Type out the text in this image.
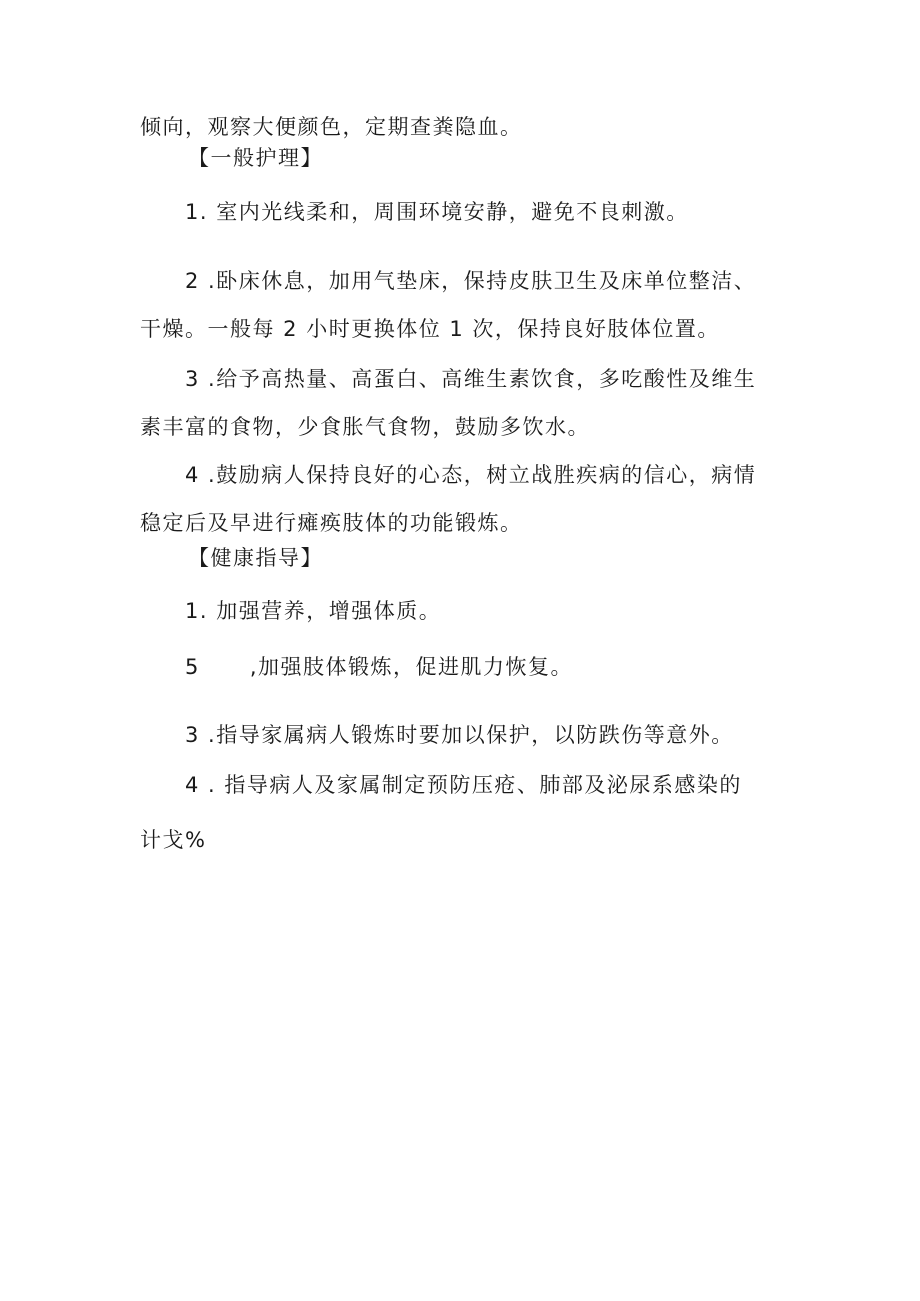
倾向，观察大便颜色，定期查粪隐血。
【一般护理】
1. 室内光线柔和，周围环境安静，避免不良刺激。
2 .卧床休息，加用气垫床，保持皮肤卫生及床单位整洁、
干燥。一般每 2 小时更换体位 1 次，保持良好肢体位置。
3 .给予高热量、高蛋白、高维生素饮食，多吃酸性及维生
素丰富的食物，少食胀气食物，鼓励多饮水。
4 .鼓励病人保持良好的心态，树立战胜疾病的信心，病情
稳定后及早进行瘫痪肢体的功能锻炼。
【健康指导】
1. 加强营养，增强体质。
5 ,加强肢体锻炼，促进肌力恢复。
3 .指导家属病人锻炼时要加以保护，以防跌伤等意外。
4 . 指导病人及家属制定预防压疮、肺部及泌尿系感染的
计戈%
